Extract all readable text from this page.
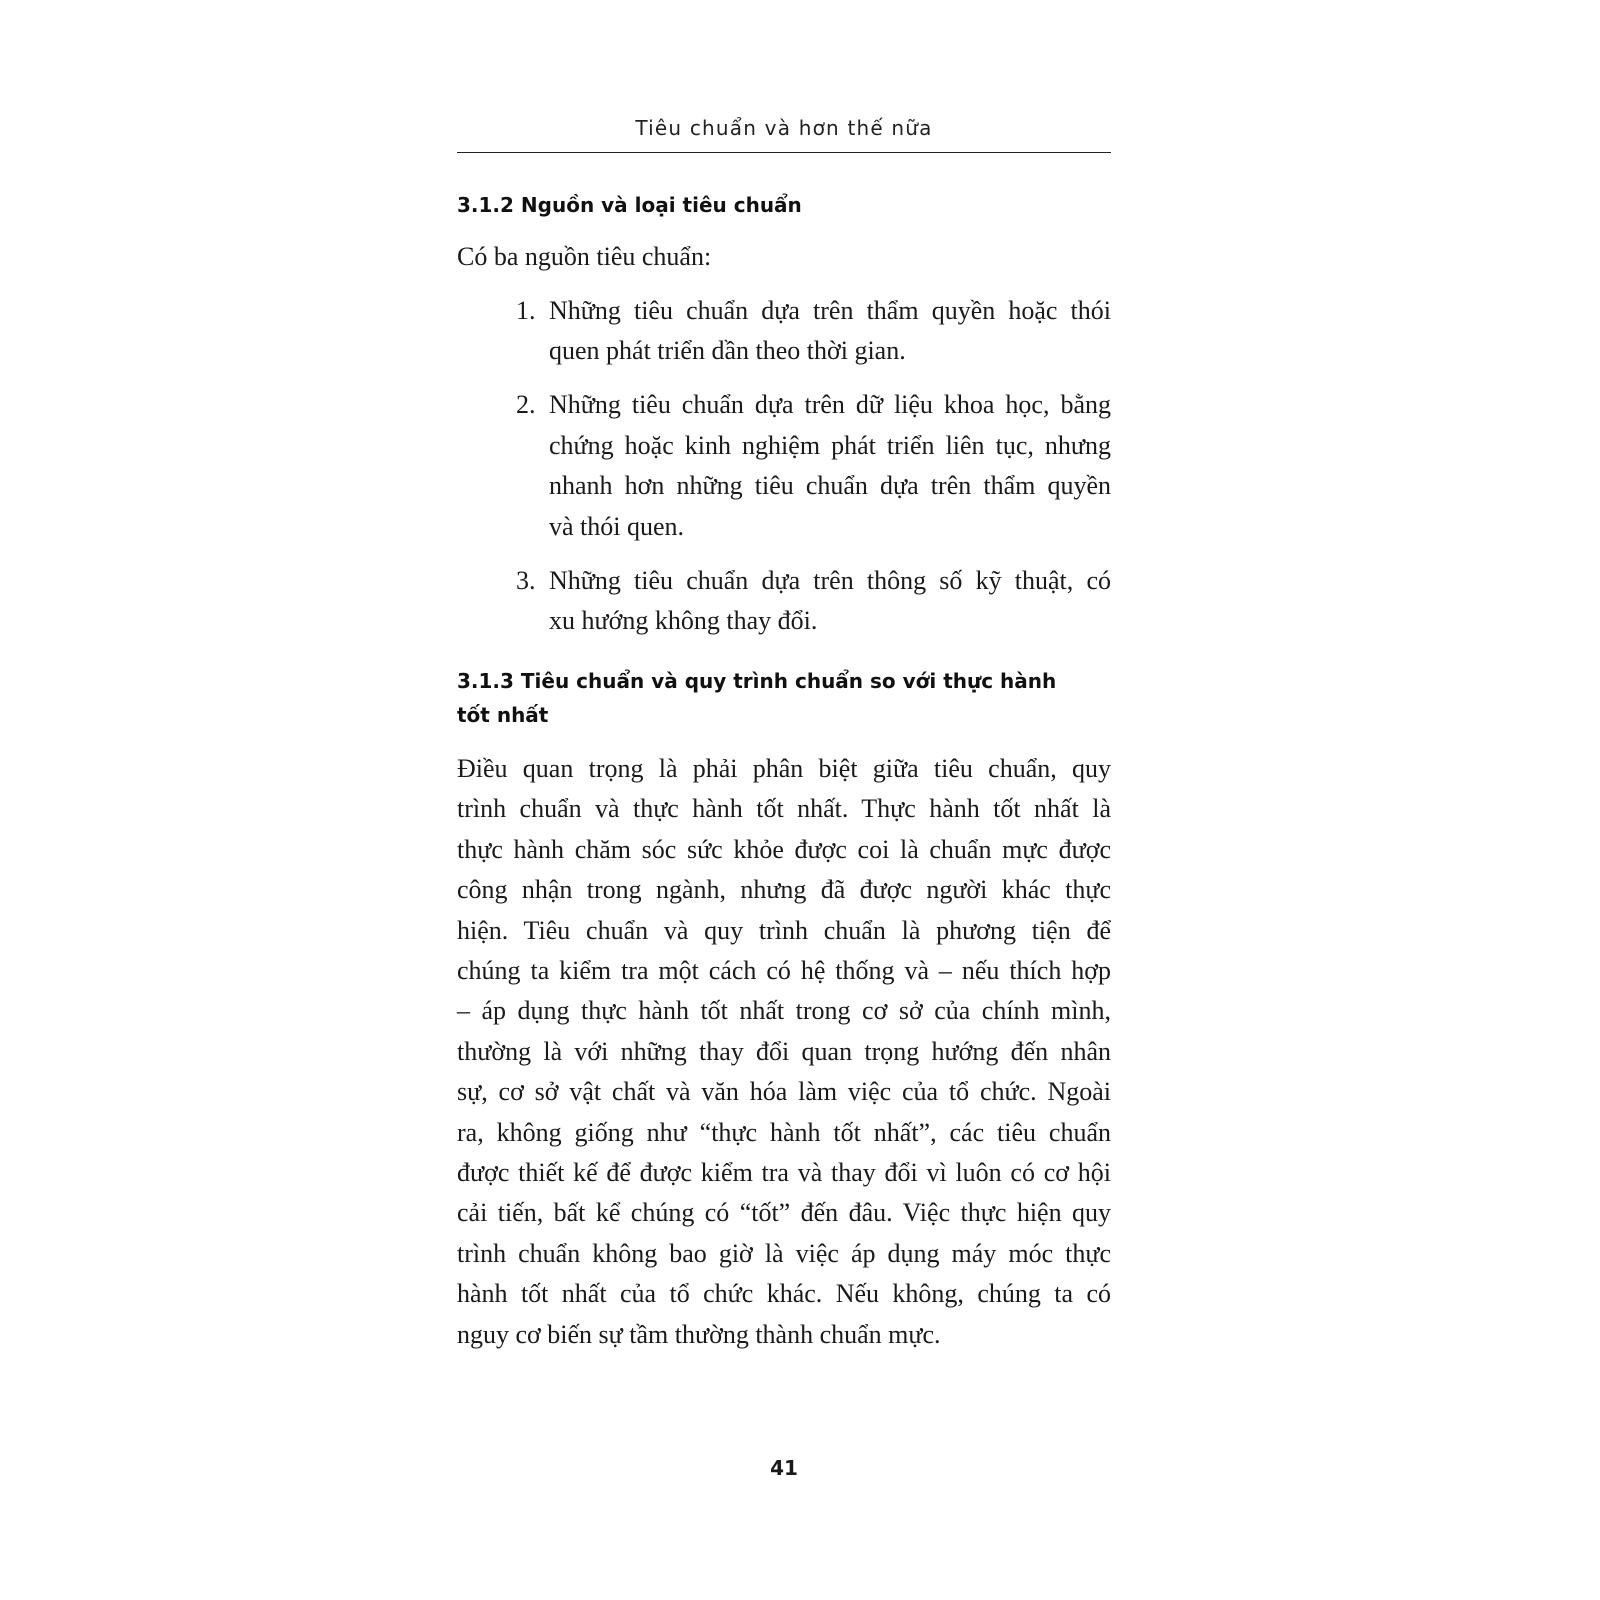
Tiêu chuẩn và hơn thế nữa
3.1.2 Nguồn và loại tiêu chuẩn
Có ba nguồn tiêu chuẩn:
1. Những tiêu chuẩn dựa trên thẩm quyền hoặc thói
quen phát triển dần theo thời gian.
2. Những tiêu chuẩn dựa trên dữ liệu khoa học, bằng
chứng hoặc kinh nghiệm phát triển liên tục, nhưng
nhanh hơn những tiêu chuẩn dựa trên thẩm quyền
và thói quen.
3. Những tiêu chuẩn dựa trên thông số kỹ thuật, có
xu hướng không thay đổi.
3.1.3 Tiêu chuẩn và quy trình chuẩn so với thực hành
tốt nhất
Điều quan trọng là phải phân biệt giữa tiêu chuẩn, quy
trình chuẩn và thực hành tốt nhất. Thực hành tốt nhất là
thực hành chăm sóc sức khỏe được coi là chuẩn mực được
công nhận trong ngành, nhưng đã được người khác thực
hiện. Tiêu chuẩn và quy trình chuẩn là phương tiện để
chúng ta kiểm tra một cách có hệ thống và – nếu thích hợp
– áp dụng thực hành tốt nhất trong cơ sở của chính mình,
thường là với những thay đổi quan trọng hướng đến nhân
sự, cơ sở vật chất và văn hóa làm việc của tổ chức. Ngoài
ra, không giống như “thực hành tốt nhất”, các tiêu chuẩn
được thiết kế để được kiểm tra và thay đổi vì luôn có cơ hội
cải tiến, bất kể chúng có “tốt” đến đâu. Việc thực hiện quy
trình chuẩn không bao giờ là việc áp dụng máy móc thực
hành tốt nhất của tổ chức khác. Nếu không, chúng ta có
nguy cơ biến sự tầm thường thành chuẩn mực.
41
